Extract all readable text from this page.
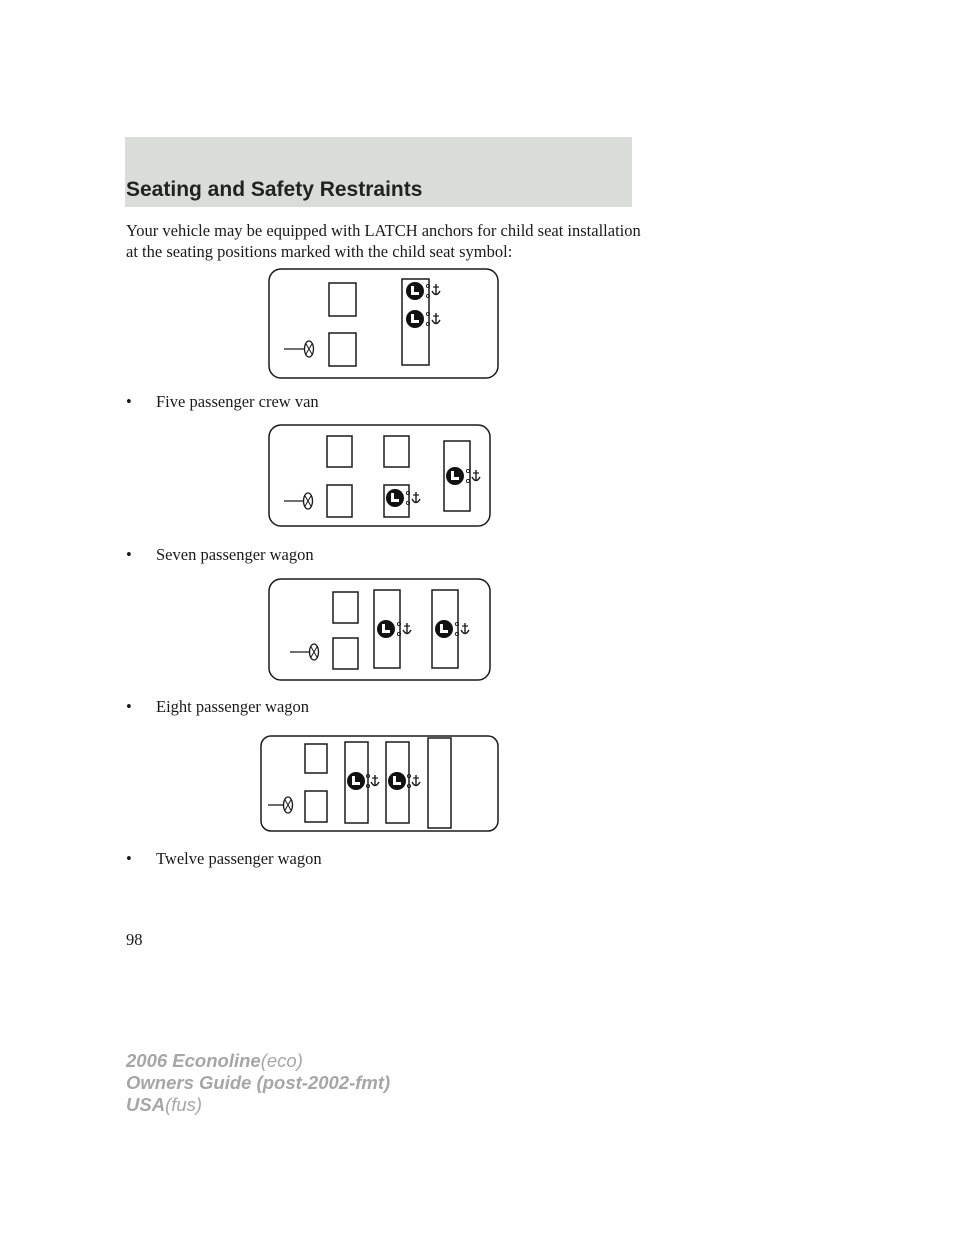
Seating and Safety Restraints
Your vehicle may be equipped with LATCH anchors for child seat installation at the seating positions marked with the child seat symbol:
• Five passenger crew van
• Seven passenger wagon
• Eight passenger wagon
• Twelve passenger wagon
98
2006 Econoline(eco)
Owners Guide (post-2002-fmt)
USA(fus)
